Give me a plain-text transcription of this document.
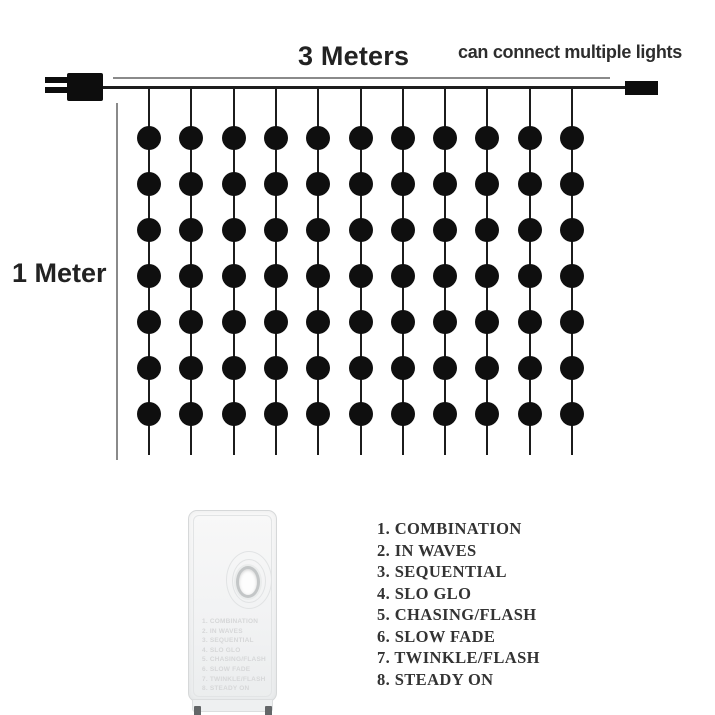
3 Meters	can connect multiple lights
1 Meter
1. COMBINATION
2. IN WAVES
3. SEQUENTIAL
4. SLO GLO
5. CHASING/FLASH
6. SLOW FADE
7. TWINKLE/FLASH
8. STEADY ON
1. COMBINATION
2. IN WAVES
3. SEQUENTIAL
4. SLO GLO
5. CHASING/FLASH
6. SLOW FADE
7. TWINKLE/FLASH
8. STEADY ON
